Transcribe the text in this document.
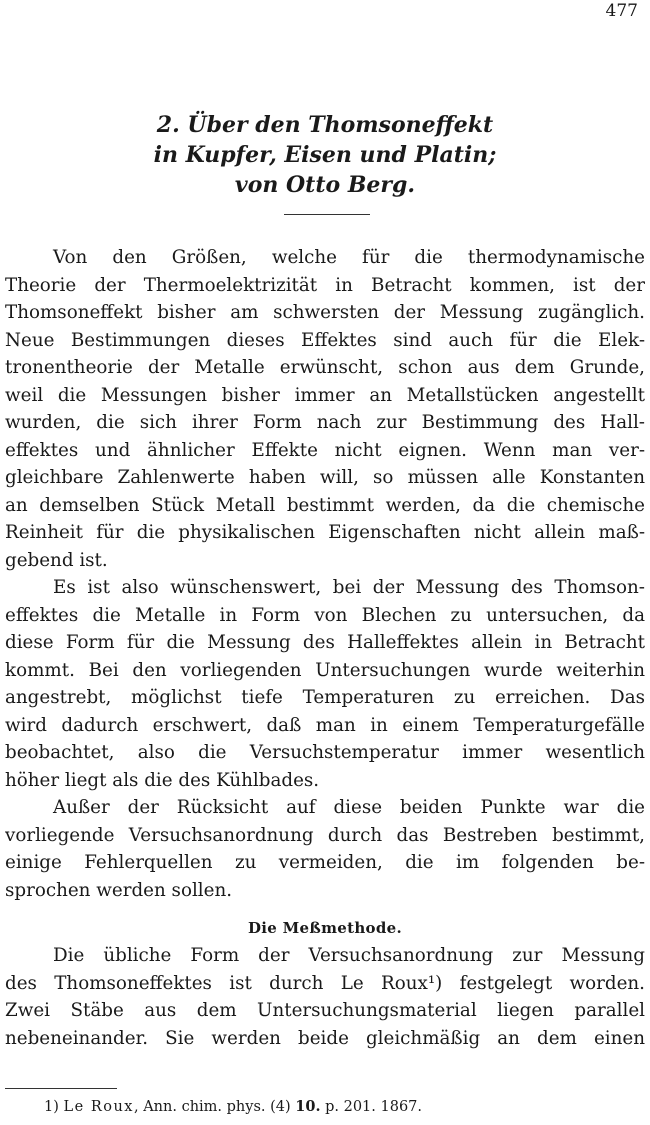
477
2. Über den Thomsoneffekt
in Kupfer, Eisen und Platin;
von Otto Berg.
Von den Größen, welche für die thermodynamische
Theorie der Thermoelektrizität in Betracht kommen, ist der
Thomsoneffekt bisher am schwersten der Messung zugänglich.
Neue Bestimmungen dieses Effektes sind auch für die Elek-
tronentheorie der Metalle erwünscht, schon aus dem Grunde,
weil die Messungen bisher immer an Metallstücken angestellt
wurden, die sich ihrer Form nach zur Bestimmung des Hall-
effektes und ähnlicher Effekte nicht eignen. Wenn man ver-
gleichbare Zahlenwerte haben will, so müssen alle Konstanten
an demselben Stück Metall bestimmt werden, da die chemische
Reinheit für die physikalischen Eigenschaften nicht allein maß-
gebend ist.
Es ist also wünschenswert, bei der Messung des Thomson-
effektes die Metalle in Form von Blechen zu untersuchen, da
diese Form für die Messung des Halleffektes allein in Betracht
kommt. Bei den vorliegenden Untersuchungen wurde weiterhin
angestrebt, möglichst tiefe Temperaturen zu erreichen. Das
wird dadurch erschwert, daß man in einem Temperaturgefälle
beobachtet, also die Versuchstemperatur immer wesentlich
höher liegt als die des Kühlbades.
Außer der Rücksicht auf diese beiden Punkte war die
vorliegende Versuchsanordnung durch das Bestreben bestimmt,
einige Fehlerquellen zu vermeiden, die im folgenden be-
sprochen werden sollen.
Die Meßmethode.
Die übliche Form der Versuchsanordnung zur Messung
des Thomsoneffektes ist durch Le Roux¹) festgelegt worden.
Zwei Stäbe aus dem Untersuchungsmaterial liegen parallel
nebeneinander. Sie werden beide gleichmäßig an dem einen
1) Le Roux, Ann. chim. phys. (4) 10. p. 201. 1867.
